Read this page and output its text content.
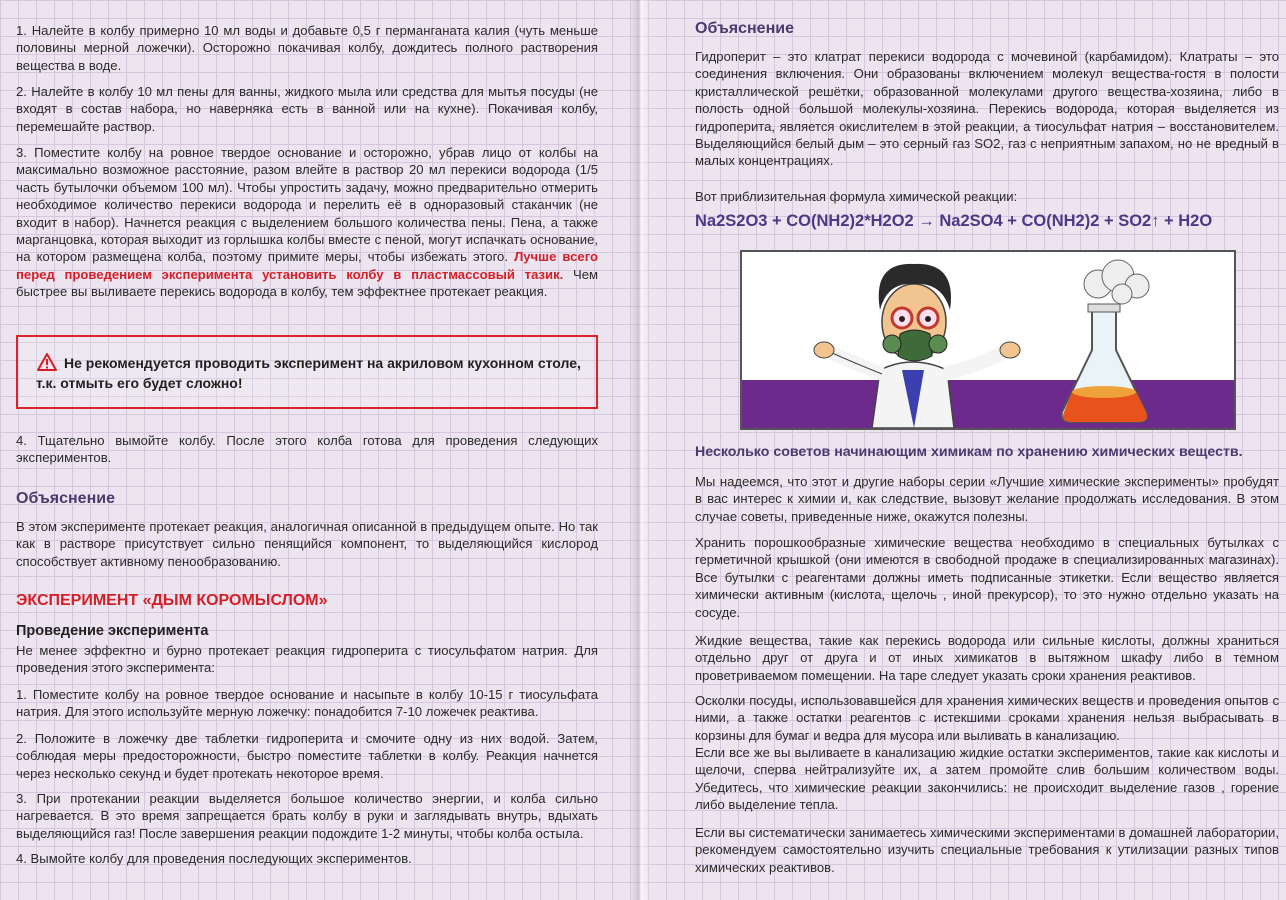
1. Налейте в колбу примерно 10 мл воды и добавьте 0,5 г перманганата калия (чуть меньше половины мерной ложечки). Осторожно покачивая колбу, дождитесь полного растворения вещества в воде.

2. Налейте в колбу 10 мл пены для ванны, жидкого мыла или средства для мытья посуды (не входят в состав набора, но наверняка есть в ванной или на кухне). Покачивая колбу, перемешайте раствор.

3. Поместите колбу на ровное твердое основание и осторожно, убрав лицо от колбы на максимально возможное расстояние, разом влейте в раствор 20 мл перекиси водорода (1/5 часть бутылочки объемом 100 мл). Чтобы упростить задачу, можно предварительно отмерить необходимое количество перекиси водорода и перелить её в одноразовый стаканчик (не входит в набор). Начнется реакция с выделением большого количества пены. Пена, а также марганцовка, которая выходит из горлышка колбы вместе с пеной, могут испачкать основание, на котором размещена колба, поэтому примите меры, чтобы избежать этого. Лучше всего перед проведением эксперимента установить колбу в пластмассовый тазик. Чем быстрее вы выливаете перекись водорода в колбу, тем эффектнее протекает реакция.

Не рекомендуется проводить эксперимент на акриловом кухонном столе, т.к. отмыть его будет сложно!

4. Тщательно вымойте колбу. После этого колба готова для проведения следующих экспериментов.

Объяснение

В этом эксперименте протекает реакция, аналогичная описанной в предыдущем опыте. Но так как в растворе присутствует сильно пенящийся компонент, то выделяющийся кислород способствует активному пенообразованию.

ЭКСПЕРИМЕНТ «ДЫМ КОРОМЫСЛОМ»
Проведение эксперимента

Не менее эффектно и бурно протекает реакция гидроперита с тиосульфатом натрия. Для проведения этого эксперимента:

1. Поместите колбу на ровное твердое основание и насыпьте в колбу 10-15 г тиосульфата натрия. Для этого используйте мерную ложечку: понадобится 7-10 ложечек реактива.

2. Положите в ложечку две таблетки гидроперита и смочите одну из них водой. Затем, соблюдая меры предосторожности, быстро поместите таблетки в колбу. Реакция начнется через несколько секунд и будет протекать некоторое время.

3. При протекании реакции выделяется большое количество энергии, и колба сильно нагревается. В это время запрещается брать колбу в руки и заглядывать внутрь, вдыхать выделяющийся газ! После завершения реакции подождите 1-2 минуты, чтобы колба остыла.

4. Вымойте колбу для проведения последующих экспериментов.

Объяснение

Гидроперит – это клатрат перекиси водорода с мочевиной (карбамидом). Клатраты – это соединения включения. Они образованы включением молекул вещества-гостя в полости кристаллической решётки, образованной молекулами другого вещества-хозяина, либо в полость одной большой молекулы-хозяина. Перекись водорода, которая выделяется из гидроперита, является окислителем в этой реакции, а тиосульфат натрия – восстановителем. Выделяющийся белый дым – это серный газ SO2, газ с неприятным запахом, но не вредный в малых концентрациях.

Вот приблизительная формула химической реакции:

Na2S2O3 + CO(NH2)2*H2O2 → Na2SO4 + CO(NH2)2 + SO2↑ + H2O
Несколько советов начинающим химикам по хранению химических веществ.

Мы надеемся, что этот и другие наборы серии «Лучшие химические эксперименты» пробудят в вас интерес к химии и, как следствие, вызовут желание продолжать исследования. В этом случае советы, приведенные ниже, окажутся полезны.

Хранить порошкообразные химические вещества необходимо в специальных бутылках с герметичной крышкой (они имеются в свободной продаже в специализированных магазинах). Все бутылки с реагентами должны иметь подписанные этикетки. Если вещество является химически активным (кислота, щелочь , иной прекурсор), то это нужно отдельно указать на сосуде.

Жидкие вещества, такие как перекись водорода или сильные кислоты, должны храниться отдельно друг от друга и от иных химикатов в вытяжном шкафу либо в темном проветриваемом помещении. На таре следует указать сроки хранения реактивов.

Осколки посуды, использовавшейся для хранения химических веществ и проведения опытов с ними, а также остатки реагентов с истекшими сроками хранения нельзя выбрасывать в корзины для бумаг и ведра для мусора или выливать в канализацию.

Если все же вы выливаете в канализацию жидкие остатки экспериментов, такие как кислоты и щелочи, сперва нейтрализуйте их, а затем промойте слив большим количеством воды. Убедитесь, что химические реакции закончились: не происходит выделение газов , горение либо выделение тепла.

Если вы систематически занимаетесь химическими экспериментами в домашней лаборатории, рекомендуем самостоятельно изучить специальные требования к утилизации разных типов химических реактивов.
